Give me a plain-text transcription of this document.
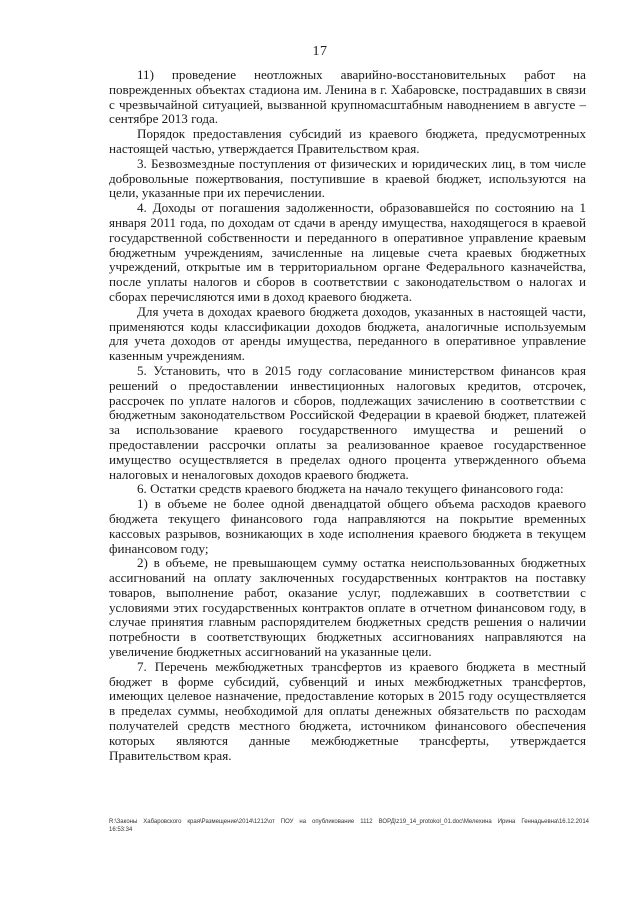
17

11) проведение неотложных аварийно-восстановительных работ на поврежденных объектах стадиона им. Ленина в г. Хабаровске, пострадавших в связи с чрезвычайной ситуацией, вызванной крупномасштабным наводнением в августе – сентябре 2013 года.

Порядок предоставления субсидий из краевого бюджета, предусмотренных настоящей частью, утверждается Правительством края.

3. Безвозмездные поступления от физических и юридических лиц, в том числе добровольные пожертвования, поступившие в краевой бюджет, используются на цели, указанные при их перечислении.

4. Доходы от погашения задолженности, образовавшейся по состоянию на 1 января 2011 года, по доходам от сдачи в аренду имущества, находящегося в краевой государственной собственности и переданного в оперативное управление краевым бюджетным учреждениям, зачисленные на лицевые счета краевых бюджетных учреждений, открытые им в территориальном органе Федерального казначейства, после уплаты налогов и сборов в соответствии с законодательством о налогах и сборах перечисляются ими в доход краевого бюджета.

Для учета в доходах краевого бюджета доходов, указанных в настоящей части, применяются коды классификации доходов бюджета, аналогичные используемым для учета доходов от аренды имущества, переданного в оперативное управление казенным учреждениям.

5. Установить, что в 2015 году согласование министерством финансов края решений о предоставлении инвестиционных налоговых кредитов, отсрочек, рассрочек по уплате налогов и сборов, подлежащих зачислению в соответствии с бюджетным законодательством Российской Федерации в краевой бюджет, платежей за использование краевого государственного имущества и решений о предоставлении рассрочки оплаты за реализованное краевое государственное имущество осуществляется в пределах одного процента утвержденного объема налоговых и неналоговых доходов краевого бюджета.

6. Остатки средств краевого бюджета на начало текущего финансового года:

1) в объеме не более одной двенадцатой общего объема расходов краевого бюджета текущего финансового года направляются на покрытие временных кассовых разрывов, возникающих в ходе исполнения краевого бюджета в текущем финансовом году;

2) в объеме, не превышающем сумму остатка неиспользованных бюджетных ассигнований на оплату заключенных государственных контрактов на поставку товаров, выполнение работ, оказание услуг, подлежавших в соответствии с условиями этих государственных контрактов оплате в отчетном финансовом году, в случае принятия главным распорядителем бюджетных средств решения о наличии потребности в соответствующих бюджетных ассигнованиях направляются на увеличение бюджетных ассигнований на указанные цели.

7. Перечень межбюджетных трансфертов из краевого бюджета в местный бюджет в форме субсидий, субвенций и иных межбюджетных трансфертов, имеющих целевое назначение, предоставление которых в 2015 году осуществляется в пределах суммы, необходимой для оплаты денежных обязательств по расходам получателей средств местного бюджета, источником финансового обеспечения которых являются данные межбюджетные трансферты, утверждается Правительством края.

R:\Законы Хабаровского края\Размещение\2014\1212\от ПОУ на опубликование 1112 ВОРД\z19_14_protokol_01.doc\Мелехина Ирина Геннадьевна\16.12.2014 16:53:34
